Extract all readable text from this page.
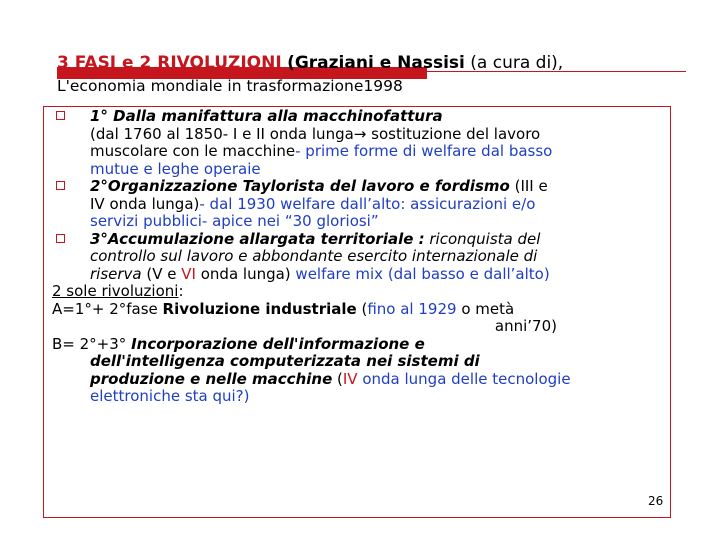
3 FASI e 2 RIVOLUZIONI (Graziani e Nassisi (a cura di),
L'economia mondiale in trasformazione1998
1° Dalla manifattura alla macchinofattura
(dal 1760 al 1850- I e II onda lunga→ sostituzione del lavoro
muscolare con le macchine- prime forme di welfare dal basso
mutue e leghe operaie
2°Organizzazione Taylorista del lavoro e fordismo (III e
IV onda lunga)- dal 1930 welfare dall’alto: assicurazioni e/o
servizi pubblici- apice nei “30 gloriosi”
3°Accumulazione allargata territoriale : riconquista del
controllo sul lavoro e abbondante esercito internazionale di
riserva (V e VI onda lunga) welfare mix (dal basso e dall’alto)
2 sole rivoluzioni:
A=1°+ 2°fase Rivoluzione industriale (fino al 1929 o metà
anni’70)
B= 2°+3° Incorporazione dell'informazione e
dell'intelligenza computerizzata nei sistemi di
produzione e nelle macchine (IV onda lunga delle tecnologie
elettroniche sta qui?)
26
